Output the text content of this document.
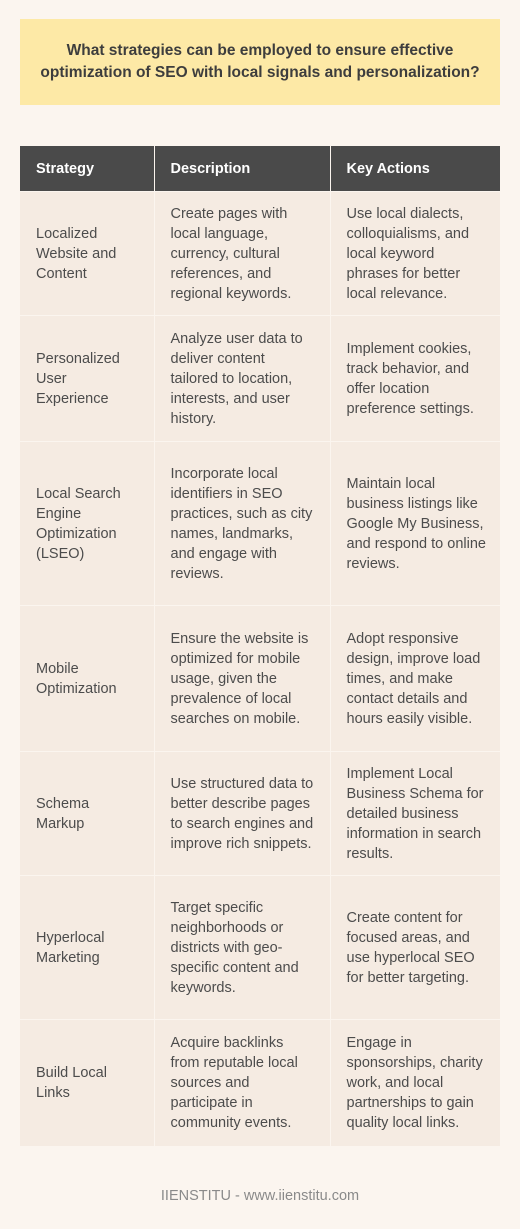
What strategies can be employed to ensure effective optimization of SEO with local signals and personalization?
Strategy	Description	Key Actions
Localized Website and Content	Create pages with local language, currency, cultural references, and regional keywords.	Use local dialects, colloquialisms, and local keyword phrases for better local relevance.
Personalized User Experience	Analyze user data to deliver content tailored to location, interests, and user history.	Implement cookies, track behavior, and offer location preference settings.
Local Search Engine Optimization (LSEO)	Incorporate local identifiers in SEO practices, such as city names, landmarks, and engage with reviews.	Maintain local business listings like Google My Business, and respond to online reviews.
Mobile Optimization	Ensure the website is optimized for mobile usage, given the prevalence of local searches on mobile.	Adopt responsive design, improve load times, and make contact details and hours easily visible.
Schema Markup	Use structured data to better describe pages to search engines and improve rich snippets.	Implement Local Business Schema for detailed business information in search results.
Hyperlocal Marketing	Target specific neighborhoods or districts with geo-specific content and keywords.	Create content for focused areas, and use hyperlocal SEO for better targeting.
Build Local Links	Acquire backlinks from reputable local sources and participate in community events.	Engage in sponsorships, charity work, and local partnerships to gain quality local links.
IIENSTITU - www.iienstitu.com
